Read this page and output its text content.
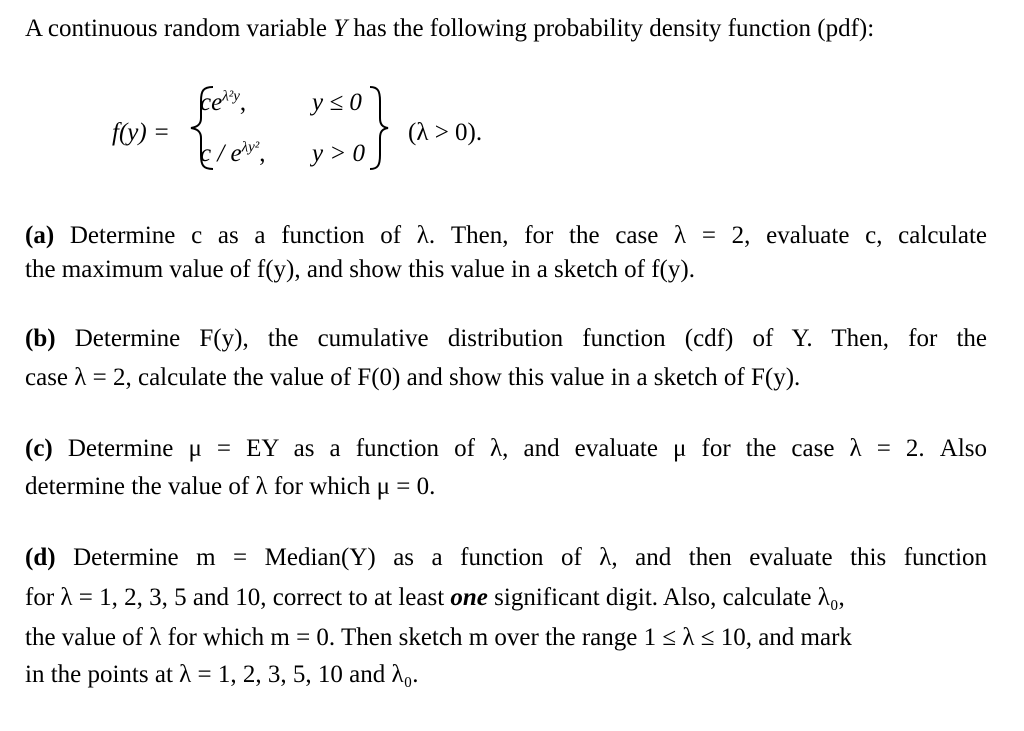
A continuous random variable Y has the following probability density function (pdf):
f(y) =
$ce^{\lambda^2y}$,	y ≤ 0
c / $e^{\lambda y^2}$, y > 0
(λ > 0).
(a) Determine c as a function of λ. Then, for the case λ = 2, evaluate c, calculate
the maximum value of f(y), and show this value in a sketch of f(y).
(b) Determine F(y), the cumulative distribution function (cdf) of Y. Then, for the
case λ = 2, calculate the value of F(0) and show this value in a sketch of F(y).
(c) Determine μ = EY as a function of λ, and evaluate μ for the case λ = 2. Also
determine the value of λ for which μ = 0.
(d) Determine m = Median(Y) as a function of λ, and then evaluate this function
for λ = 1, 2, 3, 5 and 10, correct to at least one significant digit. Also, calculate λ₀,
the value of λ for which m = 0. Then sketch m over the range 1 ≤ λ ≤ 10, and mark
in the points at λ = 1, 2, 3, 5, 10 and λ₀.
